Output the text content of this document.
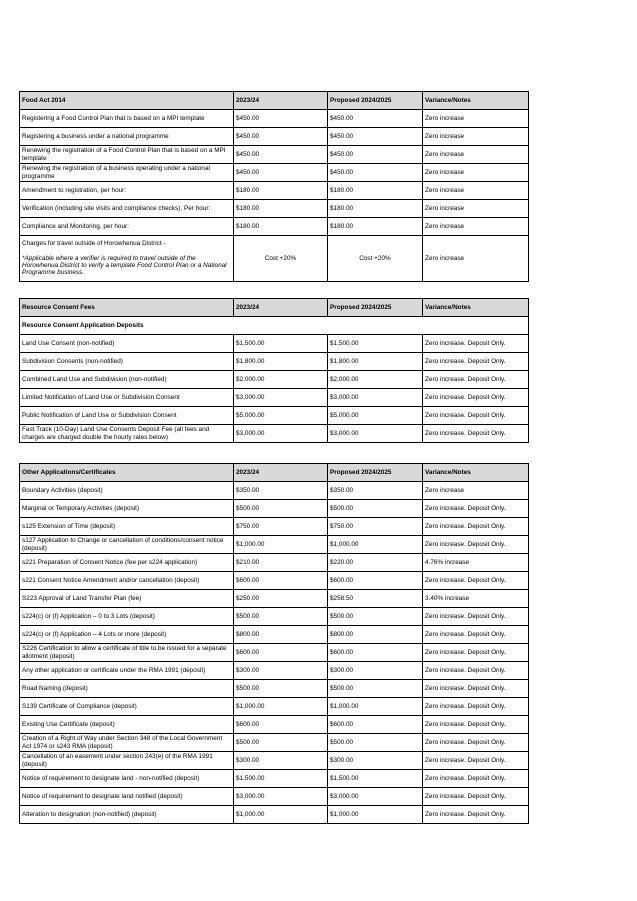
Food Act 2014	2023/24	Proposed 2024/2025	Variance/Notes
Registering a Food Control Plan that is based on a MPI template	$450.00	$450.00	Zero increase
Registering a business under a national programme	$450.00	$450.00	Zero increase
Renewing the registration of a Food Control Plan that is based on a MPI template	$450.00	$450.00	Zero increase
Renewing the registration of a business operating under a national programme	$450.00	$450.00	Zero increase
Amendment to registration, per hour:	$180.00	$180.00	Zero increase
Verification (including site visits and compliance checks). Per hour:	$180.00	$180.00	Zero increase
Compliance and Monitoring, per hour:	$180.00	$180.00	Zero increase
Charges for travel outside of Horowhenua District -
*Applicable where a verifier is required to travel outside of the Horowhenua District to verify a template Food Control Plan or a National Programme business.	Cost +20%	Cost +20%	Zero increase
Resource Consent Fees	2023/24	Proposed 2024/2025	Variance/Notes
Resource Consent Application Deposits			
Land Use Consent (non-notified)	$1,500.00	$1,500.00	Zero increase. Deposit Only.
Subdivision Consents (non-notified)	$1,800.00	$1,800.00	Zero increase. Deposit Only.
Combined Land Use and Subdivision (non-notified)	$2,000.00	$2,000.00	Zero increase. Deposit Only.
Limited Notification of Land Use or Subdivision Consent	$3,000.00	$3,000.00	Zero increase. Deposit Only.
Public Notification of Land Use or Subdivision Consent	$5,000.00	$5,000.00	Zero increase. Deposit Only.
Fast Track (10-Day) Land Use Consents Deposit Fee (all fees and charges are charged double the hourly rates below)	$3,000.00	$3,000.00	Zero increase. Deposit Only.
Other Applications/Certificates	2023/24	Proposed 2024/2025	Variance/Notes
Boundary Activities (deposit)	$350.00	$350.00	Zero increase
Marginal or Temporary Activities (deposit)	$500.00	$500.00	Zero increase. Deposit Only.
s125 Extension of Time (deposit)	$750.00	$750.00	Zero increase. Deposit Only.
s127 Application to Change or cancellation of conditions/consent notice (deposit)	$1,000.00	$1,000.00	Zero increase. Deposit Only.
s221 Preparation of Consent Notice (fee per s224 application)	$210.00	$220.00	4.76% increase
s221 Consent Notice Amendment and/or cancellation (deposit)	$600.00	$600.00	Zero increase. Deposit Only.
S223 Approval of Land Transfer Plan (fee)	$250.00	$258.50	3.40% increase
s224(c) or (f) Application – 0 to 3 Lots (deposit)	$500.00	$500.00	Zero increase. Deposit Only.
s224(c) or (f) Application – 4 Lots or more (deposit)	$800.00	$800.00	Zero increase. Deposit Only.
S226 Certification to allow a certificate of title to be issued for a separate allotment (deposit)	$600.00	$600.00	Zero increase. Deposit Only.
Any other application or certificate under the RMA 1991 (deposit)	$300.00	$300.00	Zero increase. Deposit Only.
Road Naming (deposit)	$500.00	$500.00	Zero increase. Deposit Only.
S139 Certificate of Compliance (deposit)	$1,000.00	$1,000.00	Zero increase. Deposit Only.
Existing Use Certificate (deposit)	$600.00	$600.00	Zero increase. Deposit Only.
Creation of a Right of Way under Section 348 of the Local Government Act 1974 or s243 RMA (deposit)	$500.00	$500.00	Zero increase. Deposit Only.
Cancellation of an easement under section 243(e) of the RMA 1991 (deposit)	$300.00	$300.00	Zero increase. Deposit Only.
Notice of requirement to designate land - non-notified (deposit)	$1,500.00	$1,500.00	Zero increase. Deposit Only.
Notice of requirement to designate land notified (deposit)	$3,000.00	$3,000.00	Zero increase. Deposit Only.
Alteration to designation (non-notified) (deposit)	$1,000.00	$1,000.00	Zero increase. Deposit Only.
